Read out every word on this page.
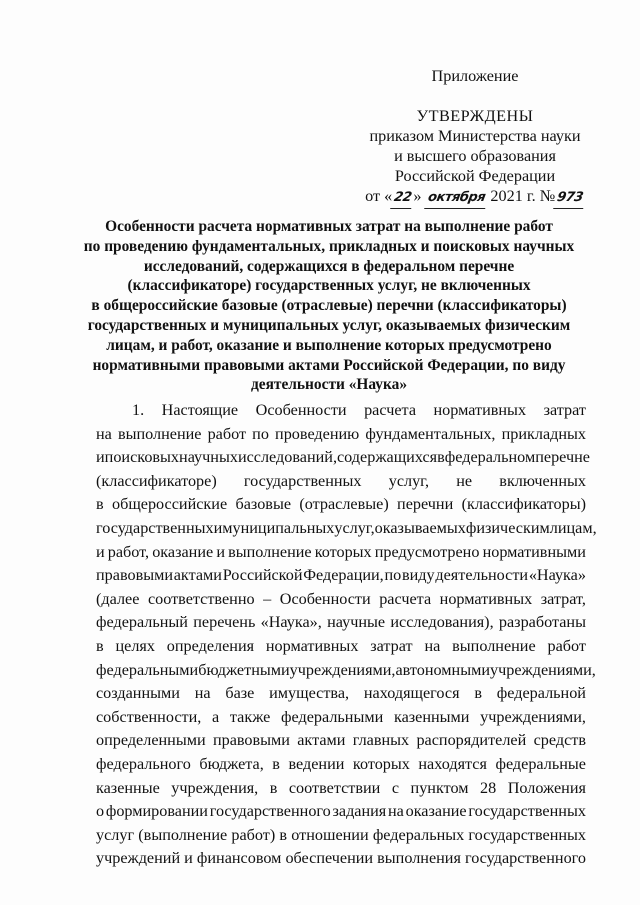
Приложение
УТВЕРЖДЕНЫ
приказом Министерства науки
и высшего образования
Российской Федерации
от «22» октября 2021 г. №973
Особенности расчета нормативных затрат на выполнение работ
по проведению фундаментальных, прикладных и поисковых научных
исследований, содержащихся в федеральном перечне
(классификаторе) государственных услуг, не включенных
в общероссийские базовые (отраслевые) перечни (классификаторы)
государственных и муниципальных услуг, оказываемых физическим
лицам, и работ, оказание и выполнение которых предусмотрено
нормативными правовыми актами Российской Федерации, по виду
деятельности «Наука»
1. Настоящие Особенности расчета нормативных затрат
на выполнение работ по проведению фундаментальных, прикладных
и поисковых научных исследований, содержащихся в федеральном перечне
(классификаторе) государственных услуг, не включенных
в общероссийские базовые (отраслевые) перечни (классификаторы)
государственных и муниципальных услуг, оказываемых физическим лицам,
и работ, оказание и выполнение которых предусмотрено нормативными
правовыми актами Российской Федерации, по виду деятельности «Наука»
(далее соответственно – Особенности расчета нормативных затрат,
федеральный перечень «Наука», научные исследования), разработаны
в целях определения нормативных затрат на выполнение работ
федеральными бюджетными учреждениями, автономными учреждениями,
созданными на базе имущества, находящегося в федеральной
собственности, а также федеральными казенными учреждениями,
определенными правовыми актами главных распорядителей средств
федерального бюджета, в ведении которых находятся федеральные
казенные учреждения, в соответствии с пунктом 28 Положения
о формировании государственного задания на оказание государственных
услуг (выполнение работ) в отношении федеральных государственных
учреждений и финансовом обеспечении выполнения государственного
